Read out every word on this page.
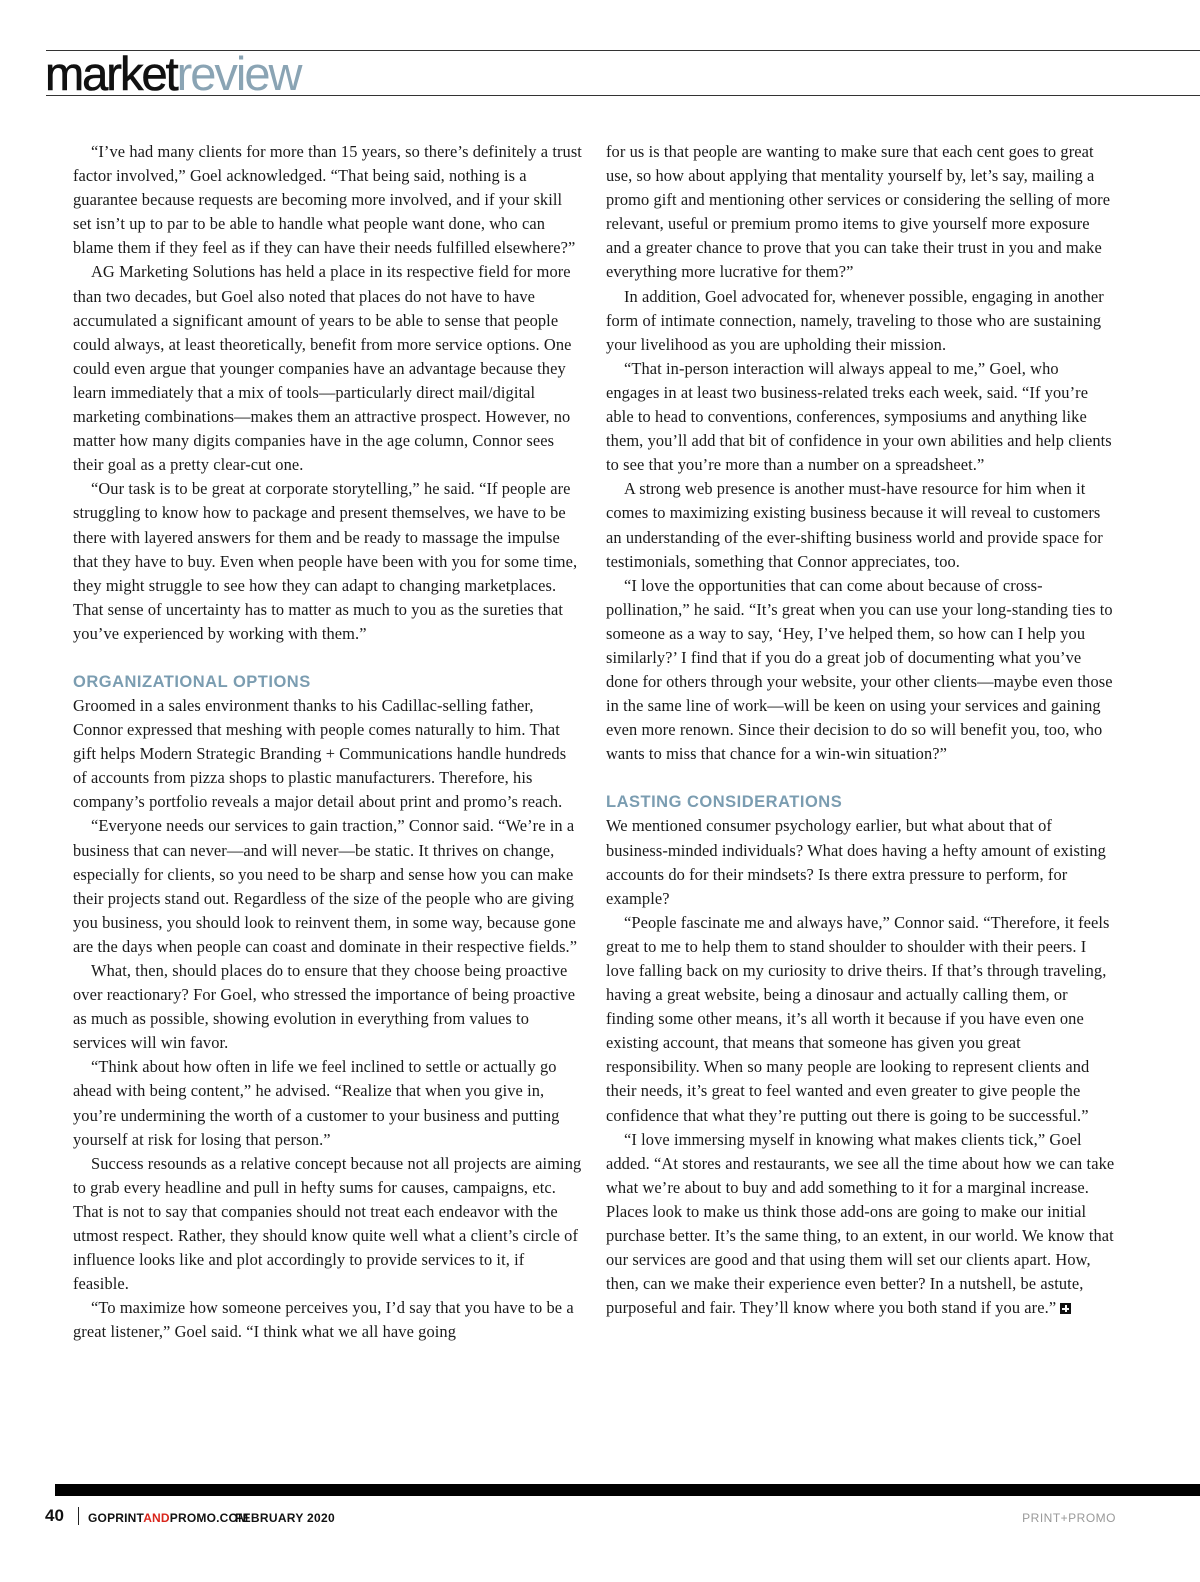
marketreview

“I’ve had many clients for more than 15 years, so there’s definitely a trust factor involved,” Goel acknowledged. “That being said, nothing is a guarantee because requests are becoming more involved, and if your skill set isn’t up to par to be able to handle what people want done, who can blame them if they feel as if they can have their needs fulfilled elsewhere?”

AG Marketing Solutions has held a place in its respective field for more than two decades, but Goel also noted that places do not have to have accumulated a significant amount of years to be able to sense that people could always, at least theoretically, benefit from more service options. One could even argue that younger companies have an advantage because they learn immediately that a mix of tools—particularly direct mail/digital marketing combinations—makes them an attractive prospect. However, no matter how many digits companies have in the age column, Connor sees their goal as a pretty clear-cut one.

“Our task is to be great at corporate storytelling,” he said. “If people are struggling to know how to package and present themselves, we have to be there with layered answers for them and be ready to massage the impulse that they have to buy. Even when people have been with you for some time, they might struggle to see how they can adapt to changing marketplaces. That sense of uncertainty has to matter as much to you as the sureties that you’ve experienced by working with them.”

ORGANIZATIONAL OPTIONS

Groomed in a sales environment thanks to his Cadillac-selling father, Connor expressed that meshing with people comes naturally to him. That gift helps Modern Strategic Branding + Communications handle hundreds of accounts from pizza shops to plastic manufacturers. Therefore, his company’s portfolio reveals a major detail about print and promo’s reach.

“Everyone needs our services to gain traction,” Connor said. “We’re in a business that can never—and will never—be static. It thrives on change, especially for clients, so you need to be sharp and sense how you can make their projects stand out. Regardless of the size of the people who are giving you business, you should look to reinvent them, in some way, because gone are the days when people can coast and dominate in their respective fields.”

What, then, should places do to ensure that they choose being proactive over reactionary? For Goel, who stressed the importance of being proactive as much as possible, showing evolution in everything from values to services will win favor.

“Think about how often in life we feel inclined to settle or actually go ahead with being content,” he advised. “Realize that when you give in, you’re undermining the worth of a customer to your business and putting yourself at risk for losing that person.”

Success resounds as a relative concept because not all projects are aiming to grab every headline and pull in hefty sums for causes, campaigns, etc. That is not to say that companies should not treat each endeavor with the utmost respect. Rather, they should know quite well what a client’s circle of influence looks like and plot accordingly to provide services to it, if feasible.

“To maximize how someone perceives you, I’d say that you have to be a great listener,” Goel said. “I think what we all have going

for us is that people are wanting to make sure that each cent goes to great use, so how about applying that mentality yourself by, let’s say, mailing a promo gift and mentioning other services or considering the selling of more relevant, useful or premium promo items to give yourself more exposure and a greater chance to prove that you can take their trust in you and make everything more lucrative for them?”

In addition, Goel advocated for, whenever possible, engaging in another form of intimate connection, namely, traveling to those who are sustaining your livelihood as you are upholding their mission.

“That in-person interaction will always appeal to me,” Goel, who engages in at least two business-related treks each week, said. “If you’re able to head to conventions, conferences, symposiums and anything like them, you’ll add that bit of confidence in your own abilities and help clients to see that you’re more than a number on a spreadsheet.”

A strong web presence is another must-have resource for him when it comes to maximizing existing business because it will reveal to customers an understanding of the ever-shifting business world and provide space for testimonials, something that Connor appreciates, too.

“I love the opportunities that can come about because of cross-pollination,” he said. “It’s great when you can use your long-standing ties to someone as a way to say, ‘Hey, I’ve helped them, so how can I help you similarly?’ I find that if you do a great job of documenting what you’ve done for others through your website, your other clients—maybe even those in the same line of work—will be keen on using your services and gaining even more renown. Since their decision to do so will benefit you, too, who wants to miss that chance for a win-win situation?”

LASTING CONSIDERATIONS

We mentioned consumer psychology earlier, but what about that of business-minded individuals? What does having a hefty amount of existing accounts do for their mindsets? Is there extra pressure to perform, for example?

“People fascinate me and always have,” Connor said. “Therefore, it feels great to me to help them to stand shoulder to shoulder with their peers. I love falling back on my curiosity to drive theirs. If that’s through traveling, having a great website, being a dinosaur and actually calling them, or finding some other means, it’s all worth it because if you have even one existing account, that means that someone has given you great responsibility. When so many people are looking to represent clients and their needs, it’s great to feel wanted and even greater to give people the confidence that what they’re putting out there is going to be successful.”

“I love immersing myself in knowing what makes clients tick,” Goel added. “At stores and restaurants, we see all the time about how we can take what we’re about to buy and add something to it for a marginal increase. Places look to make us think those add-ons are going to make our initial purchase better. It’s the same thing, to an extent, in our world. We know that our services are good and that using them will set our clients apart. How, then, can we make their experience even better? In a nutshell, be astute, purposeful and fair. They’ll know where you both stand if you are.”

40 GOPRINTANDPROMO.COM
FEBRUARY 2020	PRINT+PROMO
